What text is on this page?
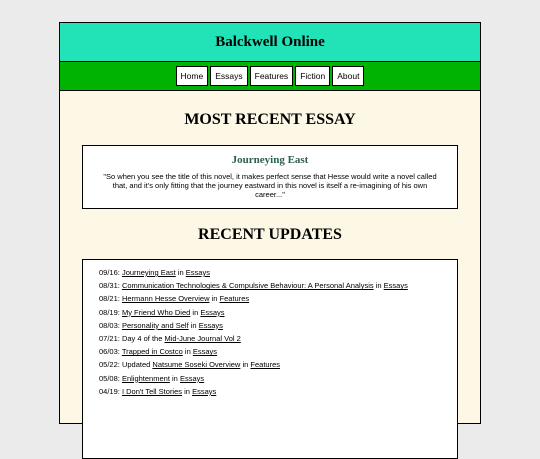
Balckwell Online
Home	Essays	Features	Fiction	About
MOST RECENT ESSAY
Journeying East
"So when you see the title of this novel, it makes perfect sense that Hesse would write a novel called that, and it's only fitting that the journey eastward in this novel is itself a re-imagining of his own career..."
RECENT UPDATES
09/16: Journeying East in Essays
08/31: Communication Technologies & Compulsive Behaviour: A Personal Analysis in Essays
08/21: Hermann Hesse Overview in Features
08/19: My Friend Who Died in Essays
08/03: Personality and Self in Essays
07/21: Day 4 of the Mid-June Journal Vol 2
06/03: Trapped in Costco in Essays
05/22: Updated Natsume Soseki Overview in Features
05/08: Enlightenment in Essays
04/19: I Don't Tell Stories in Essays
